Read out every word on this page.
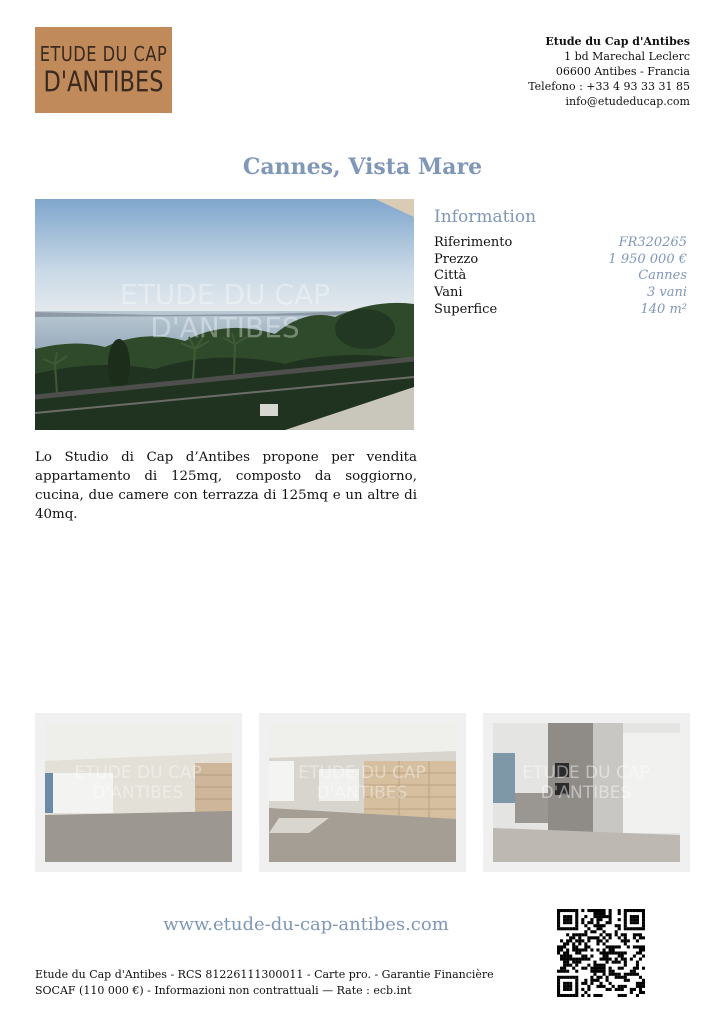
ETUDE DU CAP
D'ANTIBES
Etude du Cap d'Antibes
1 bd Marechal Leclerc
06600 Antibes - Francia
Telefono : +33 4 93 33 31 85
info@etudeducap.com
Cannes, Vista Mare
ETUDE DU CAP
D'ANTIBES
Information
Riferimento	FR320265
Prezzo	1 950 000 €
Città	Cannes
Vani	3 vani
Superfice	140 m²
Lo Studio di Cap d’Antibes propone per vendita appartamento di 125mq, composto da soggiorno, cucina, due camere con terrazza di 125mq e un altre di 40mq.
ETUDE DU CAP
D'ANTIBES
ETUDE DU CAP
D'ANTIBES
ETUDE DU CAP
D'ANTIBES
www.etude-du-cap-antibes.com
Etude du Cap d'Antibes - RCS 81226111300011 - Carte pro. - Garantie Financière SOCAF (110 000 €) - Informazioni non contrattuali — Rate : ecb.int
